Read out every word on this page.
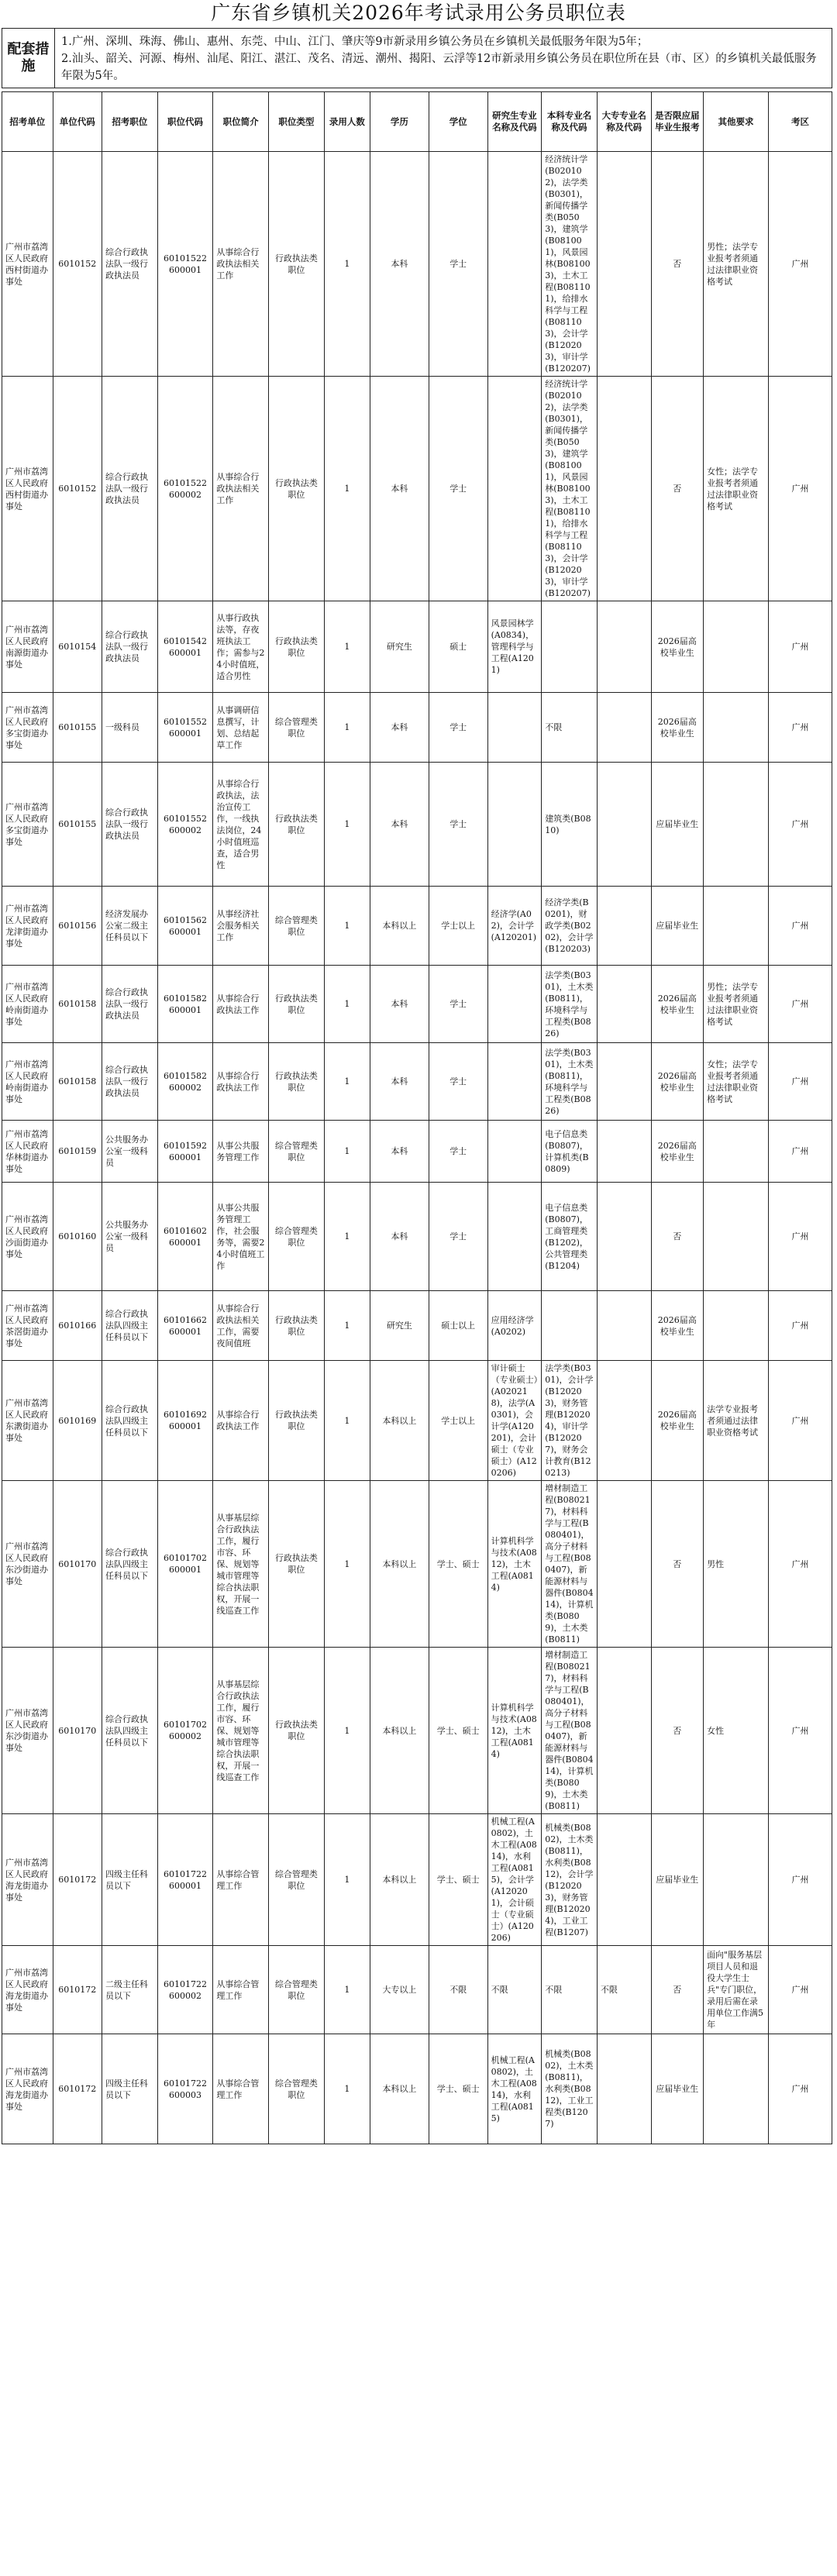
广东省乡镇机关2026年考试录用公务员职位表
配套措施
1.广州、深圳、珠海、佛山、惠州、东莞、中山、江门、肇庆等9市新录用乡镇公务员在乡镇机关最低服务年限为5年；
2.汕头、韶关、河源、梅州、汕尾、阳江、湛江、茂名、清远、潮州、揭阳、云浮等12市新录用乡镇公务员在职位所在县（市、区）的乡镇机关最低服务年限为5年。
招考单位	单位代码	招考职位	职位代码	职位简介	职位类型	录用人数	学历	学位	研究生专业名称及代码	本科专业名称及代码	大专专业名称及代码	是否限应届毕业生报考	其他要求	考区
广州市荔湾区人民政府西村街道办事处	6010152	综合行政执法队一级行政执法员	60101522600001	从事综合行政执法相关工作	行政执法类职位	1	本科	学士		经济统计学(B020102)，法学类(B0301)，新闻传播学类(B0503)，建筑学(B081001)，风景园林(B081003)，土木工程(B081101)，给排水科学与工程(B081103)，会计学(B120203)，审计学(B120207)		否	男性；法学专业报考者须通过法律职业资格考试	广州
广州市荔湾区人民政府西村街道办事处	6010152	综合行政执法队一级行政执法员	60101522600002	从事综合行政执法相关工作	行政执法类职位	1	本科	学士		经济统计学(B020102)，法学类(B0301)，新闻传播学类(B0503)，建筑学(B081001)，风景园林(B081003)，土木工程(B081101)，给排水科学与工程(B081103)，会计学(B120203)，审计学(B120207)		否	女性；法学专业报考者须通过法律职业资格考试	广州
广州市荔湾区人民政府南源街道办事处	6010154	综合行政执法队一级行政执法员	60101542600001	从事行政执法等，存夜班执法工作；需参与24小时值班，适合男性	行政执法类职位	1	研究生	硕士	风景园林学(A0834)，管理科学与工程(A1201)			2026届高校毕业生		广州
广州市荔湾区人民政府多宝街道办事处	6010155	一级科员	60101552600001	从事调研信息撰写，计划、总结起草工作	综合管理类职位	1	本科	学士		不限		2026届高校毕业生		广州
广州市荔湾区人民政府多宝街道办事处	6010155	综合行政执法队一级行政执法员	60101552600002	从事综合行政执法，法治宣传工作，一线执法岗位，24小时值班巡查，适合男性	行政执法类职位	1	本科	学士		建筑类(B0810)		应届毕业生		广州
广州市荔湾区人民政府龙津街道办事处	6010156	经济发展办公室二级主任科员以下	60101562600001	从事经济社会服务相关工作	综合管理类职位	1	本科以上	学士以上	经济学(A02)，会计学(A120201)	经济学类(B0201)，财政学类(B0202)，会计学(B120203)		应届毕业生		广州
广州市荔湾区人民政府岭南街道办事处	6010158	综合行政执法队一级行政执法员	60101582600001	从事综合行政执法工作	行政执法类职位	1	本科	学士		法学类(B0301)，土木类(B0811)，环境科学与工程类(B0826)		2026届高校毕业生	男性；法学专业报考者须通过法律职业资格考试	广州
广州市荔湾区人民政府岭南街道办事处	6010158	综合行政执法队一级行政执法员	60101582600002	从事综合行政执法工作	行政执法类职位	1	本科	学士		法学类(B0301)，土木类(B0811)，环境科学与工程类(B0826)		2026届高校毕业生	女性；法学专业报考者须通过法律职业资格考试	广州
广州市荔湾区人民政府华林街道办事处	6010159	公共服务办公室一级科员	60101592600001	从事公共服务管理工作	综合管理类职位	1	本科	学士		电子信息类(B0807)，计算机类(B0809)		2026届高校毕业生		广州
广州市荔湾区人民政府沙面街道办事处	6010160	公共服务办公室一级科员	60101602600001	从事公共服务管理工作，社会服务等，需要24小时值班工作	综合管理类职位	1	本科	学士		电子信息类(B0807)，工商管理类(B1202)，公共管理类(B1204)		否		广州
广州市荔湾区人民政府茶滘街道办事处	6010166	综合行政执法队四级主任科员以下	60101662600001	从事综合行政执法相关工作，需要夜间值班	行政执法类职位	1	研究生	硕士以上	应用经济学(A0202)			2026届高校毕业生		广州
广州市荔湾区人民政府东漖街道办事处	6010169	综合行政执法队四级主任科员以下	60101692600001	从事综合行政执法工作	行政执法类职位	1	本科以上	学士以上	审计硕士（专业硕士）(A020218)，法学(A0301)，会计学(A120201)，会计硕士（专业硕士）(A120206)	法学类(B0301)，会计学(B120203)，财务管理(B120204)，审计学(B120207)，财务会计教育(B120213)		2026届高校毕业生	法学专业报考者须通过法律职业资格考试	广州
广州市荔湾区人民政府东沙街道办事处	6010170	综合行政执法队四级主任科员以下	60101702600001	从事基层综合行政执法工作，履行市容、环保、规划等城市管理等综合执法职权，开展一线巡查工作	行政执法类职位	1	本科以上	学士、硕士	计算机科学与技术(A0812)，土木工程(A0814)	增材制造工程(B080217)，材料科学与工程(B080401)，高分子材料与工程(B080407)，新能源材料与器件(B080414)，计算机类(B0809)，土木类(B0811)		否	男性	广州
广州市荔湾区人民政府东沙街道办事处	6010170	综合行政执法队四级主任科员以下	60101702600002	从事基层综合行政执法工作，履行市容、环保、规划等城市管理等综合执法职权，开展一线巡查工作	行政执法类职位	1	本科以上	学士、硕士	计算机科学与技术(A0812)，土木工程(A0814)	增材制造工程(B080217)，材料科学与工程(B080401)，高分子材料与工程(B080407)，新能源材料与器件(B080414)，计算机类(B0809)，土木类(B0811)		否	女性	广州
广州市荔湾区人民政府海龙街道办事处	6010172	四级主任科员以下	60101722600001	从事综合管理工作	综合管理类职位	1	本科以上	学士、硕士	机械工程(A0802)，土木工程(A0814)，水利工程(A0815)，会计学(A120201)，会计硕士（专业硕士）(A120206)	机械类(B0802)，土木类(B0811)，水利类(B0812)，会计学(B120203)，财务管理(B120204)，工业工程(B1207)		应届毕业生		广州
广州市荔湾区人民政府海龙街道办事处	6010172	二级主任科员以下	60101722600002	从事综合管理工作	综合管理类职位	1	大专以上	不限	不限	不限	不限	否	面向"服务基层项目人员和退役大学生士兵"专门职位，录用后需在录用单位工作满5年	广州
广州市荔湾区人民政府海龙街道办事处	6010172	四级主任科员以下	60101722600003	从事综合管理工作	综合管理类职位	1	本科以上	学士、硕士	机械工程(A0802)，土木工程(A0814)，水利工程(A0815)	机械类(B0802)，土木类(B0811)，水利类(B0812)，工业工程类(B1207)		应届毕业生		广州
